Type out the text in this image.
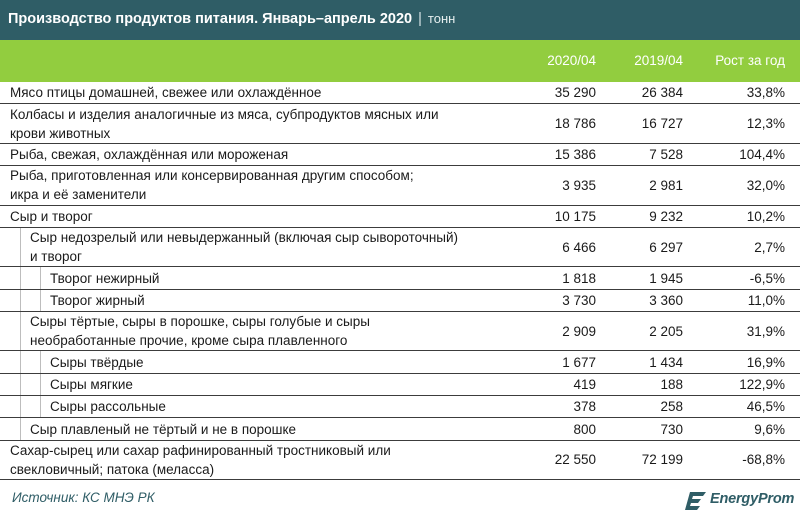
Производство продуктов питания. Январь–апрель 2020 | тонн
2020/04	2019/04	Рост за год
Мясо птицы домашней, свежее или охлаждённое	35 290	26 384	33,8%
Колбасы и изделия аналогичные из мяса, субпродуктов мясных или
крови животных
18 786	16 727	12,3%
Рыба, свежая, охлаждённая или мороженая	15 386	7 528	104,4%
Рыба, приготовленная или консервированная другим способом;
икра и её заменители
3 935	2 981	32,0%
Сыр и творог	10 175	9 232	10,2%
Сыр недозрелый или невыдержанный (включая сыр сывороточный)
и творог
6 466	6 297	2,7%
Творог нежирный	1 818	1 945	-6,5%
Творог жирный	3 730	3 360	11,0%
Сыры тёртые, сыры в порошке, сыры голубые и сыры
необработанные прочие, кроме сыра плавленного
2 909	2 205	31,9%
Сыры твёрдые	1 677	1 434	16,9%
Сыры мягкие	419	188	122,9%
Сыры рассольные	378	258	46,5%
Сыр плавленый не тёртый и не в порошке	800	730	9,6%
Сахар-сырец или сахар рафинированный тростниковый или
свекловичный; патока (меласса)
22 550	72 199	-68,8%
Источник: КС МНЭ РК	EnergyProm
